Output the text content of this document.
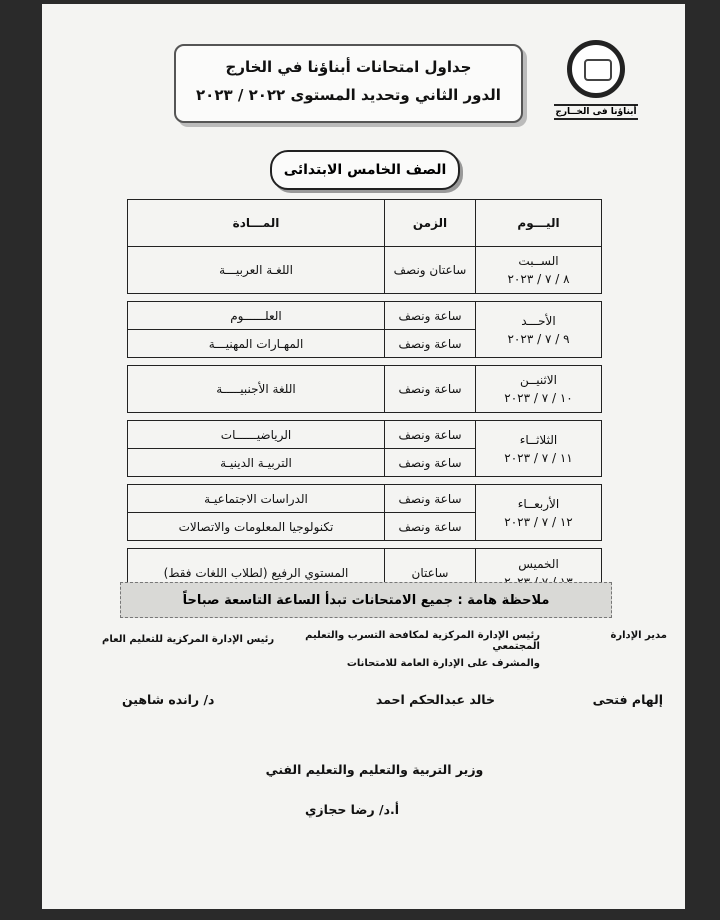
جداول امتحانات أبناؤنا في الخارج
الدور الثاني وتحديد المستوى ٢٠٢٢ / ٢٠٢٣
أبناؤنا فى الخــارج
الصف الخامس الابتدائى
اليـــوم	الزمن	المـــادة
الســبت
٨ / ٧ / ٢٠٢٣	ساعتان ونصف	اللغـة العربيـــة

الأحـــد
٩ / ٧ / ٢٠٢٣	ساعة ونصف	العلــــــوم
	ساعة ونصف	المهـارات المهنيـــة

الاثنيــن
١٠ / ٧ / ٢٠٢٣	ساعة ونصف	اللغة الأجنبيـــــة

الثلاثــاء
١١ / ٧ / ٢٠٢٣	ساعة ونصف	الرياضيــــــات
	ساعة ونصف	التربيـة الدينيـة

الأربعــاء
١٢ / ٧ / ٢٠٢٣	ساعة ونصف	الدراسات الاجتماعيـة
	ساعة ونصف	تكنولوجيا المعلومات والاتصالات

الخميس	ساعتان	المستوي الرفيع (لطلاب اللغات فقط)
ملاحظة هامة : جميع الامتحانات تبدأ الساعة التاسعة صباحاً
مدير الإدارة
رئيس الإدارة المركزية لمكافحة التسرب والتعليم المجتمعي
والمشرف على الإدارة العامة للامتحانات
رئيس الإدارة المركزية للتعليم العام
إلهام فتحى
خالد عبدالحكم احمد
د/ رانده شاهين
وزير التربية والتعليم والتعليم الفني
أ.د/ رضا حجازي
